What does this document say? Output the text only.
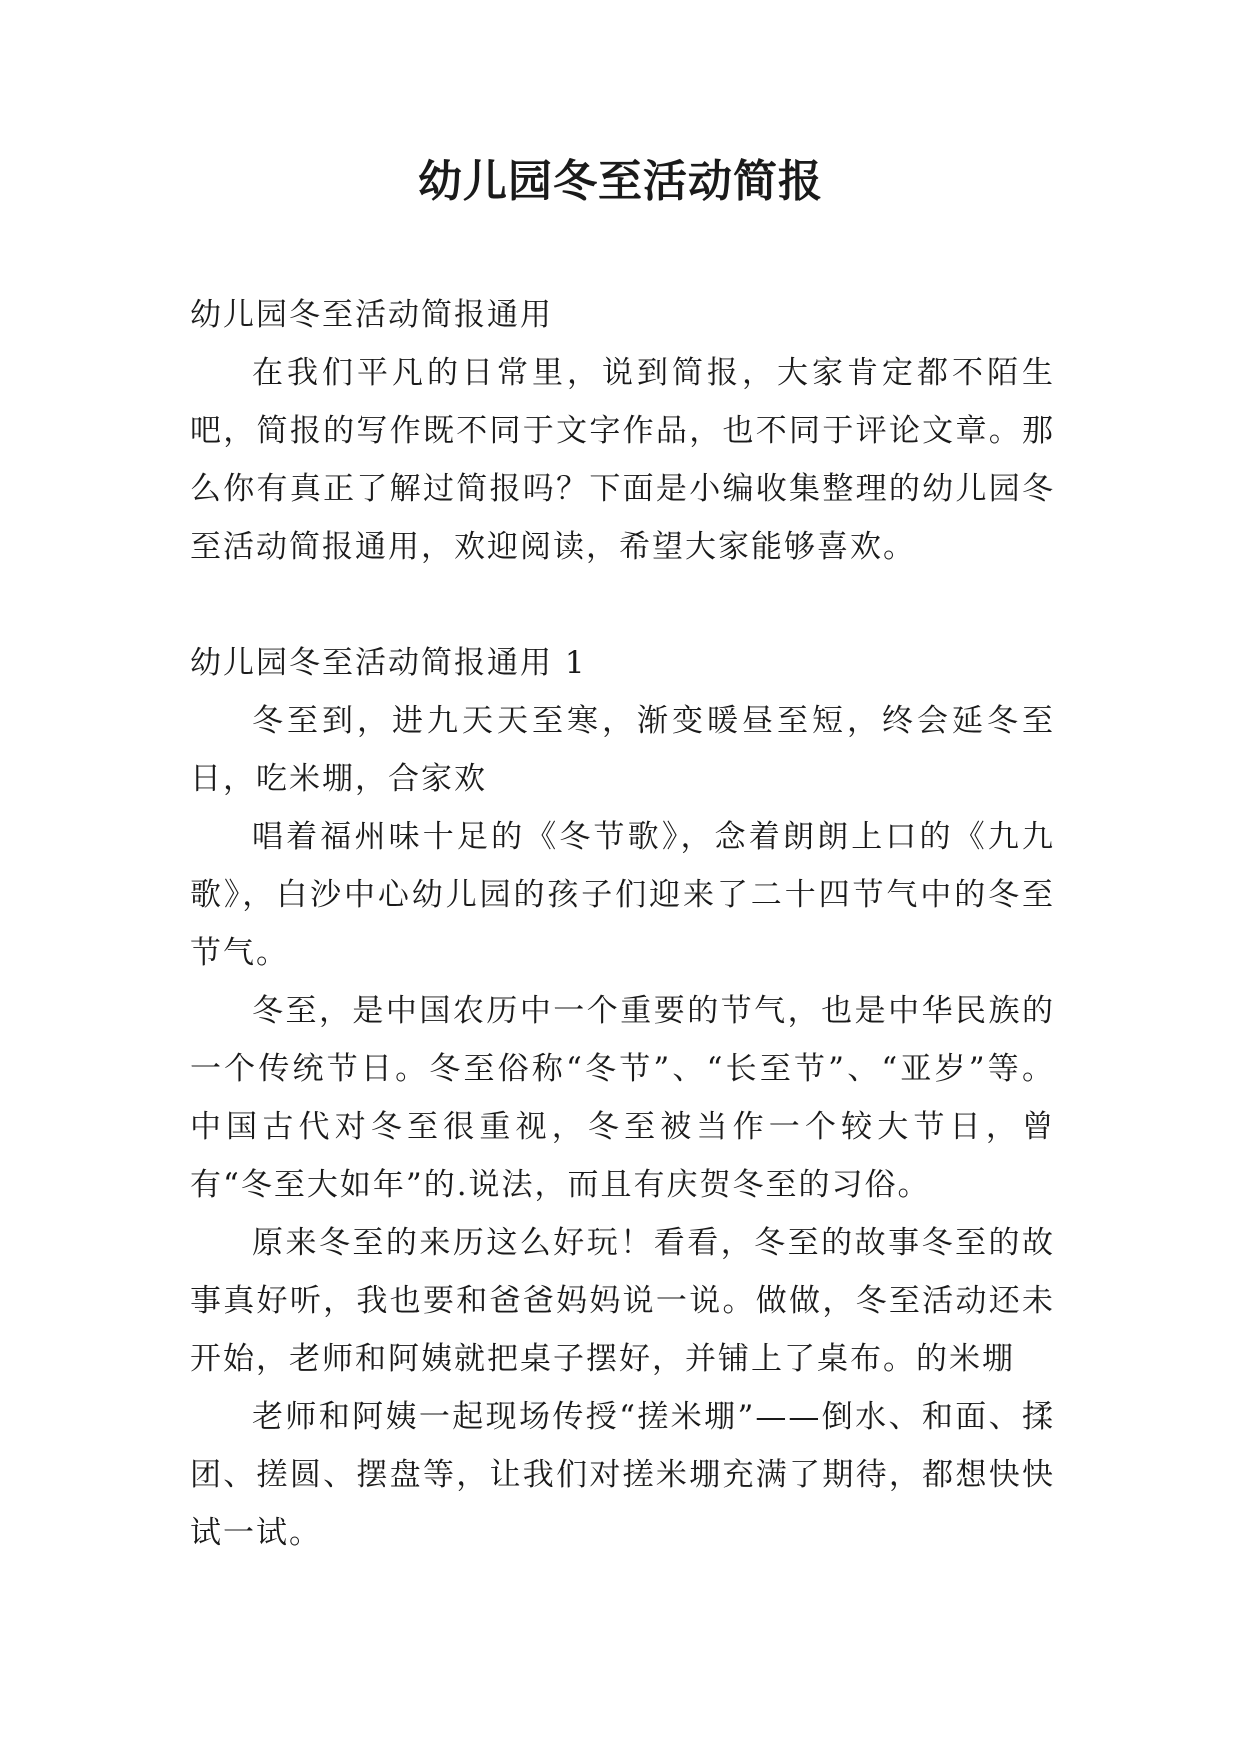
幼儿园冬至活动简报

幼儿园冬至活动简报通用

在我们平凡的日常里，说到简报，大家肯定都不陌生吧，简报的写作既不同于文字作品，也不同于评论文章。那么你有真正了解过简报吗？下面是小编收集整理的幼儿园冬至活动简报通用，欢迎阅读，希望大家能够喜欢。

幼儿园冬至活动简报通用 1

冬至到，进九天天至寒，渐变暖昼至短，终会延冬至日，吃米堋，合家欢

唱着福州味十足的《冬节歌》，念着朗朗上口的《九九歌》，白沙中心幼儿园的孩子们迎来了二十四节气中的冬至节气。

冬至，是中国农历中一个重要的节气，也是中华民族的一个传统节日。冬至俗称“冬节”、“长至节”、“亚岁”等。中国古代对冬至很重视，冬至被当作一个较大节日，曾有“冬至大如年”的.说法，而且有庆贺冬至的习俗。

原来冬至的来历这么好玩！看看，冬至的故事冬至的故事真好听，我也要和爸爸妈妈说一说。做做，冬至活动还未开始，老师和阿姨就把桌子摆好，并铺上了桌布。的米堋

老师和阿姨一起现场传授“搓米堋”——倒水、和面、揉团、搓圆、摆盘等，让我们对搓米堋充满了期待，都想快快试一试。
